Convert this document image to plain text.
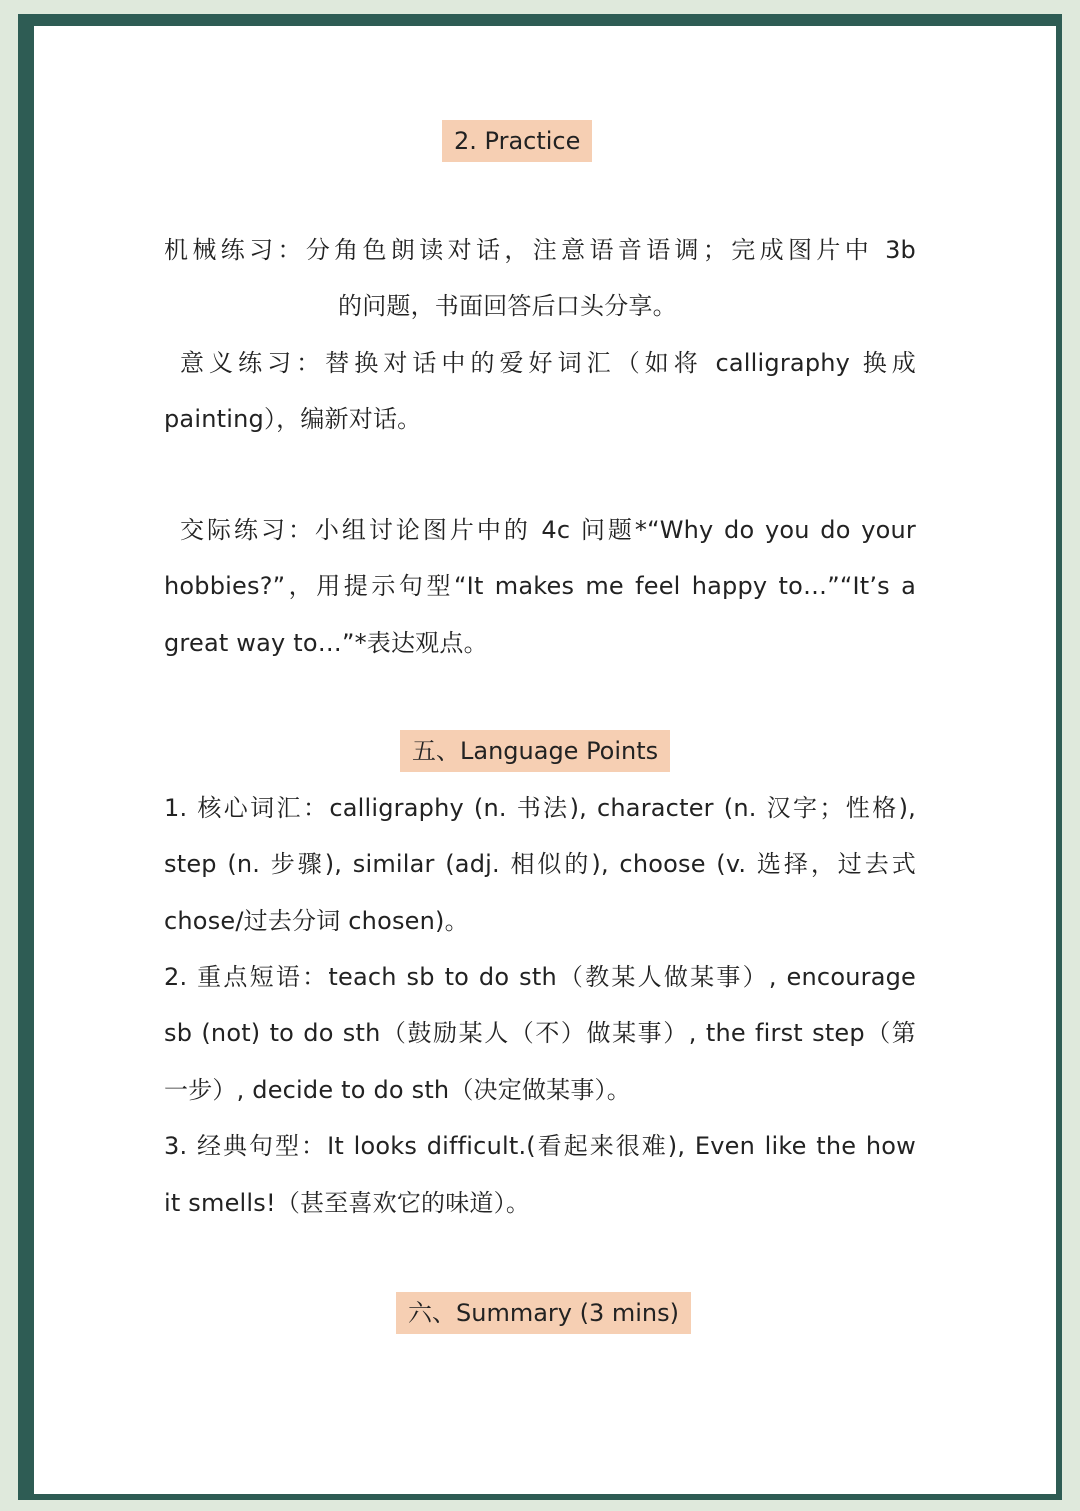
2. Practice
机械练习：分角色朗读对话，注意语音语调；完成图片中 3b
的问题，书面回答后口头分享。
意义练习：替换对话中的爱好词汇（如将 calligraphy 换成
painting），编新对话。
交际练习：小组讨论图片中的 4c 问题*“Why do you do your
hobbies?”，用提示句型“It makes me feel happy to…”“It’s a
great way to…”*表达观点。
五、Language Points
1. 核心词汇：calligraphy (n. 书法), character (n. 汉字；性格),
step (n. 步骤), similar (adj. 相似的), choose (v. 选择，过去式
chose/过去分词 chosen)。
2. 重点短语：teach sb to do sth（教某人做某事）, encourage
sb (not) to do sth（鼓励某人（不）做某事）, the first step（第
一步）, decide to do sth（决定做某事）。
3. 经典句型：It looks difficult.(看起来很难), Even like the how
it smells!（甚至喜欢它的味道）。
六、Summary (3 mins)
